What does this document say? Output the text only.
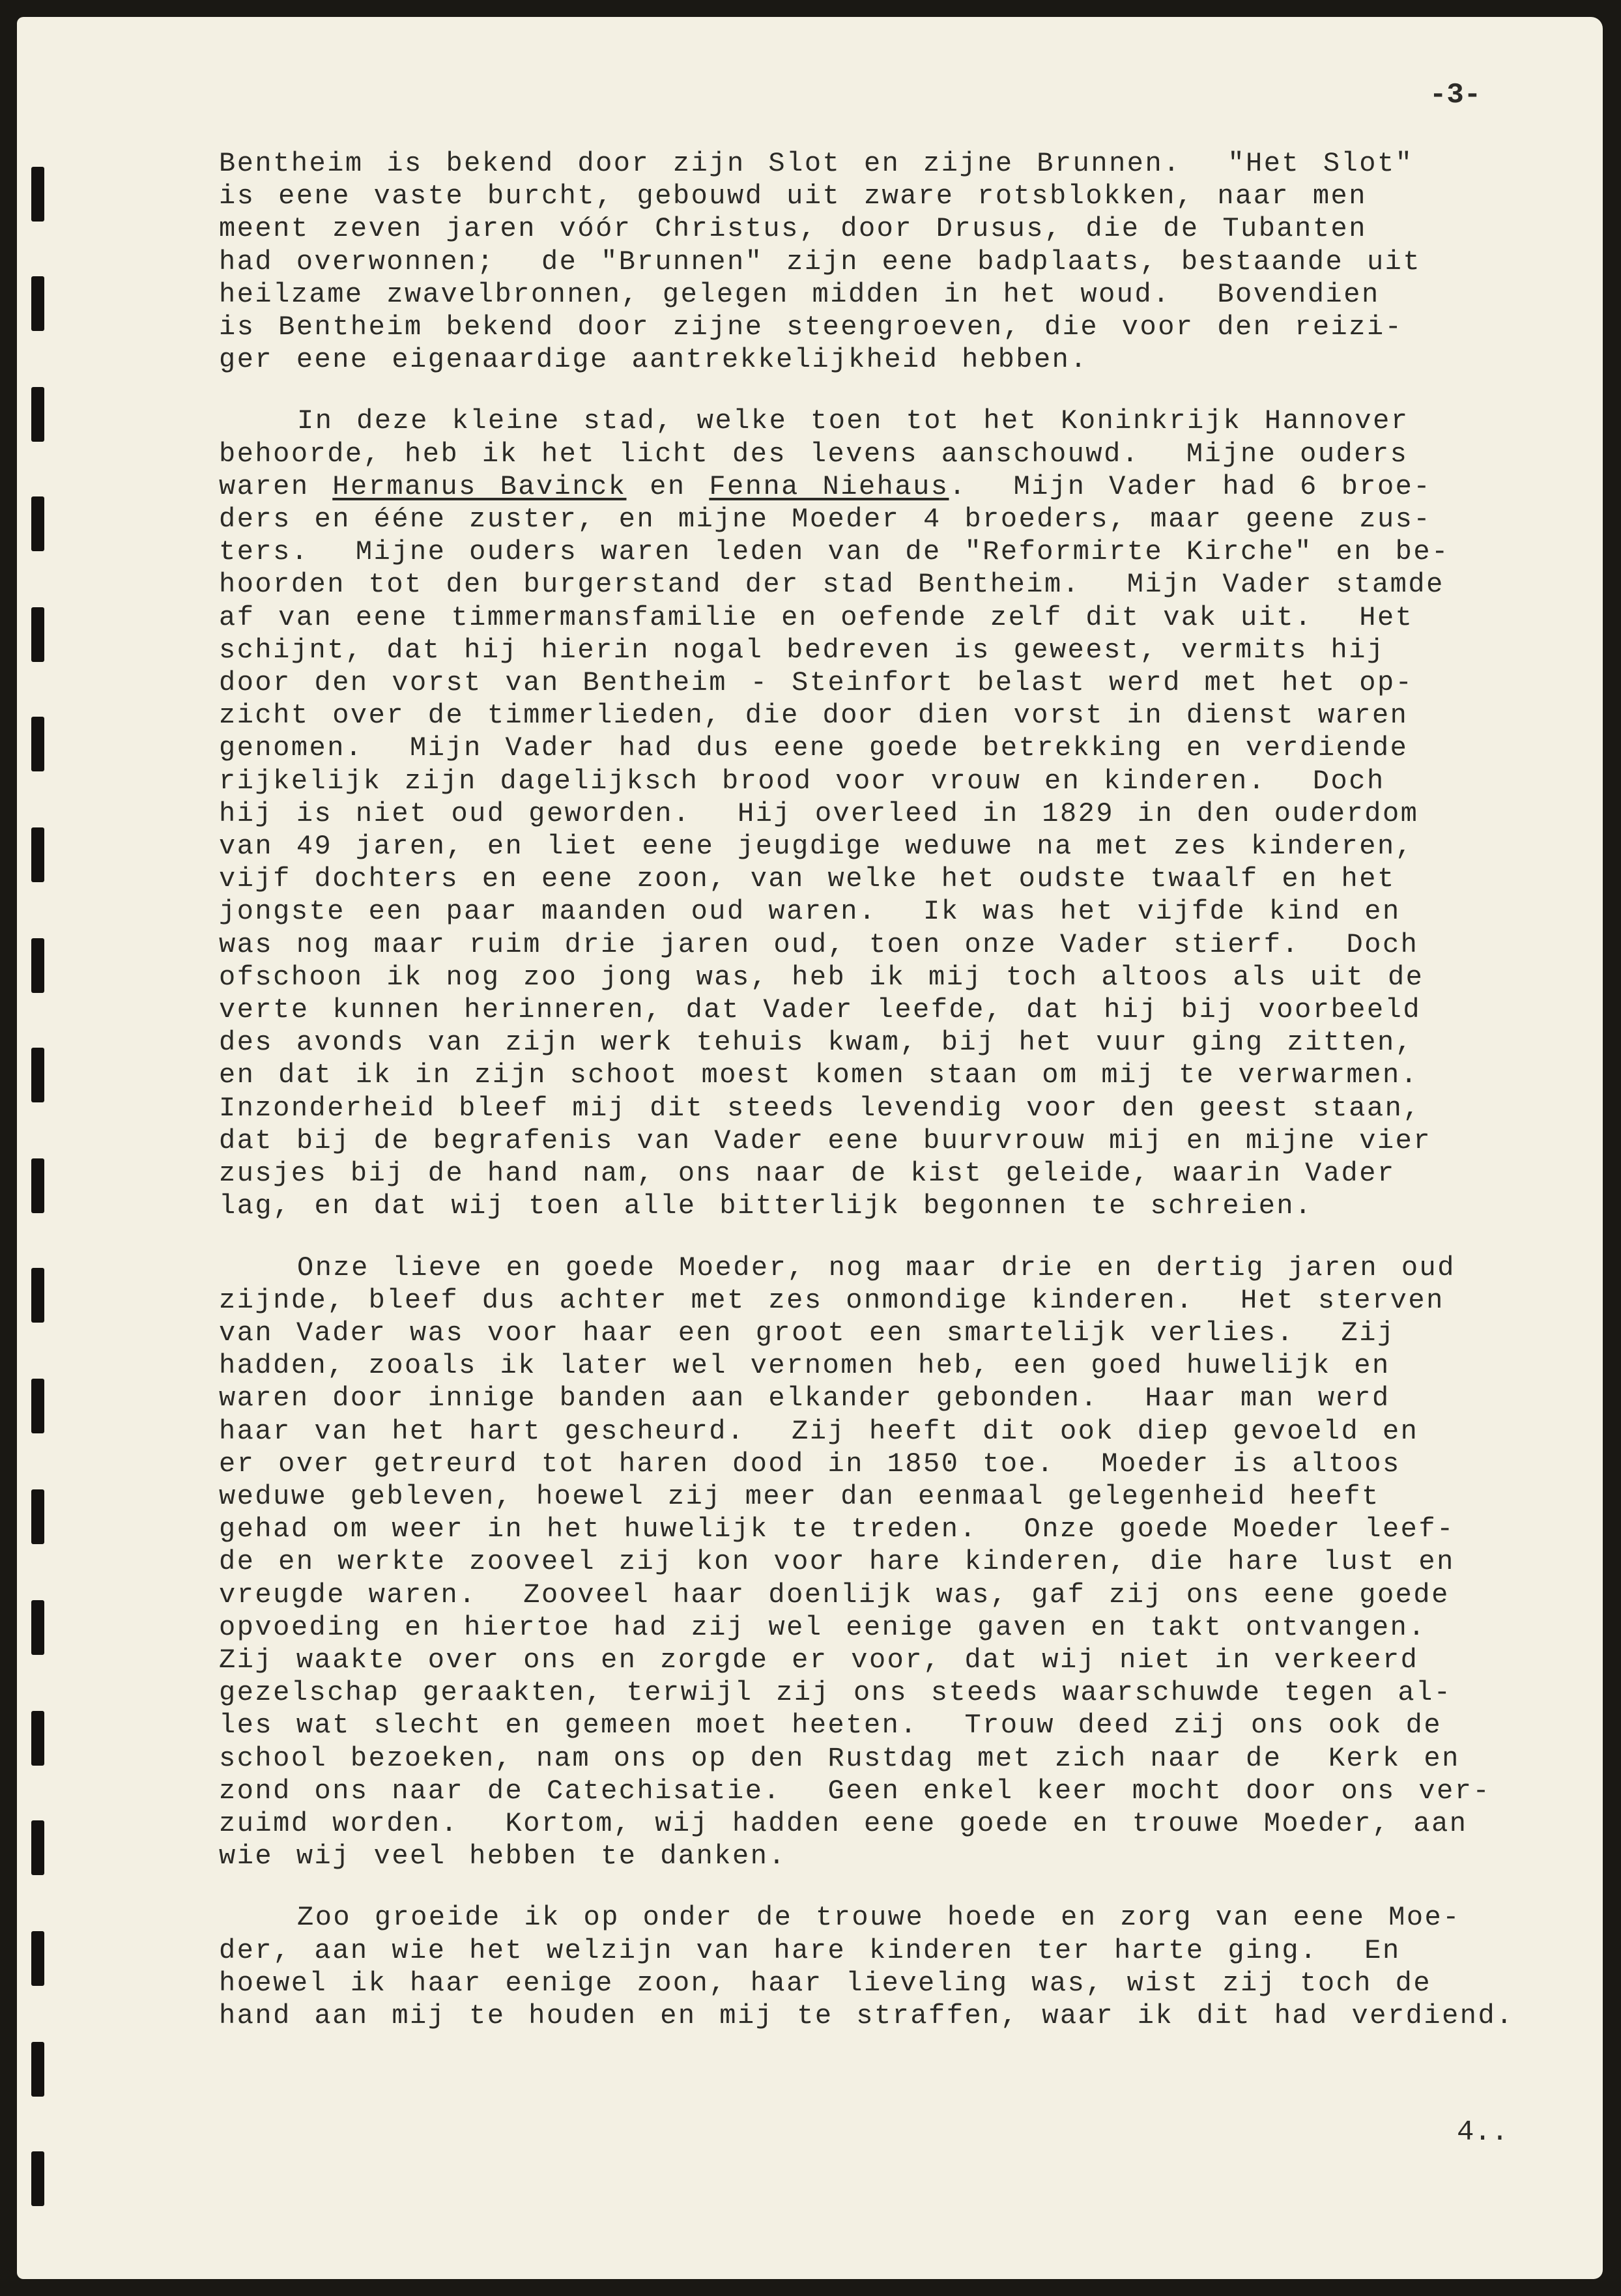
-3-

Bentheim is bekend door zijn Slot en zijne Brunnen.  "Het Slot"
is eene vaste burcht, gebouwd uit zware rotsblokken, naar men
meent zeven jaren vóór Christus, door Drusus, die de Tubanten
had overwonnen;  de "Brunnen" zijn eene badplaats, bestaande uit
heilzame zwavelbronnen, gelegen midden in het woud.  Bovendien
is Bentheim bekend door zijne steengroeven, die voor den reizi-
ger eene eigenaardige aantrekkelijkheid hebben.
In deze kleine stad, welke toen tot het Koninkrijk Hannover
behoorde, heb ik het licht des levens aanschouwd.  Mijne ouders
waren Hermanus Bavinck en Fenna Niehaus.  Mijn Vader had 6 broe-
ders en ééne zuster, en mijne Moeder 4 broeders, maar geene zus-
ters.  Mijne ouders waren leden van de "Reformirte Kirche" en be-
hoorden tot den burgerstand der stad Bentheim.  Mijn Vader stamde
af van eene timmermansfamilie en oefende zelf dit vak uit.  Het
schijnt, dat hij hierin nogal bedreven is geweest, vermits hij
door den vorst van Bentheim - Steinfort belast werd met het op-
zicht over de timmerlieden, die door dien vorst in dienst waren
genomen.  Mijn Vader had dus eene goede betrekking en verdiende
rijkelijk zijn dagelijksch brood voor vrouw en kinderen.  Doch
hij is niet oud geworden.  Hij overleed in 1829 in den ouderdom
van 49 jaren, en liet eene jeugdige weduwe na met zes kinderen,
vijf dochters en eene zoon, van welke het oudste twaalf en het
jongste een paar maanden oud waren.  Ik was het vijfde kind en
was nog maar ruim drie jaren oud, toen onze Vader stierf.  Doch
ofschoon ik nog zoo jong was, heb ik mij toch altoos als uit de
verte kunnen herinneren, dat Vader leefde, dat hij bij voorbeeld
des avonds van zijn werk tehuis kwam, bij het vuur ging zitten,
en dat ik in zijn schoot moest komen staan om mij te verwarmen.
Inzonderheid bleef mij dit steeds levendig voor den geest staan,
dat bij de begrafenis van Vader eene buurvrouw mij en mijne vier
zusjes bij de hand nam, ons naar de kist geleide, waarin Vader
lag, en dat wij toen alle bitterlijk begonnen te schreien.
Onze lieve en goede Moeder, nog maar drie en dertig jaren oud
zijnde, bleef dus achter met zes onmondige kinderen.  Het sterven
van Vader was voor haar een groot een smartelijk verlies.  Zij
hadden, zooals ik later wel vernomen heb, een goed huwelijk en
waren door innige banden aan elkander gebonden.  Haar man werd
haar van het hart gescheurd.  Zij heeft dit ook diep gevoeld en
er over getreurd tot haren dood in 1850 toe.  Moeder is altoos
weduwe gebleven, hoewel zij meer dan eenmaal gelegenheid heeft
gehad om weer in het huwelijk te treden.  Onze goede Moeder leef-
de en werkte zooveel zij kon voor hare kinderen, die hare lust en
vreugde waren.  Zooveel haar doenlijk was, gaf zij ons eene goede
opvoeding en hiertoe had zij wel eenige gaven en takt ontvangen.
Zij waakte over ons en zorgde er voor, dat wij niet in verkeerd
gezelschap geraakten, terwijl zij ons steeds waarschuwde tegen al-
les wat slecht en gemeen moet heeten.  Trouw deed zij ons ook de
school bezoeken, nam ons op den Rustdag met zich naar de  Kerk en
zond ons naar de Catechisatie.  Geen enkel keer mocht door ons ver-
zuimd worden.  Kortom, wij hadden eene goede en trouwe Moeder, aan
wie wij veel hebben te danken.
Zoo groeide ik op onder de trouwe hoede en zorg van eene Moe-
der, aan wie het welzijn van hare kinderen ter harte ging.  En
hoewel ik haar eenige zoon, haar lieveling was, wist zij toch de
hand aan mij te houden en mij te straffen, waar ik dit had verdiend.

4..
